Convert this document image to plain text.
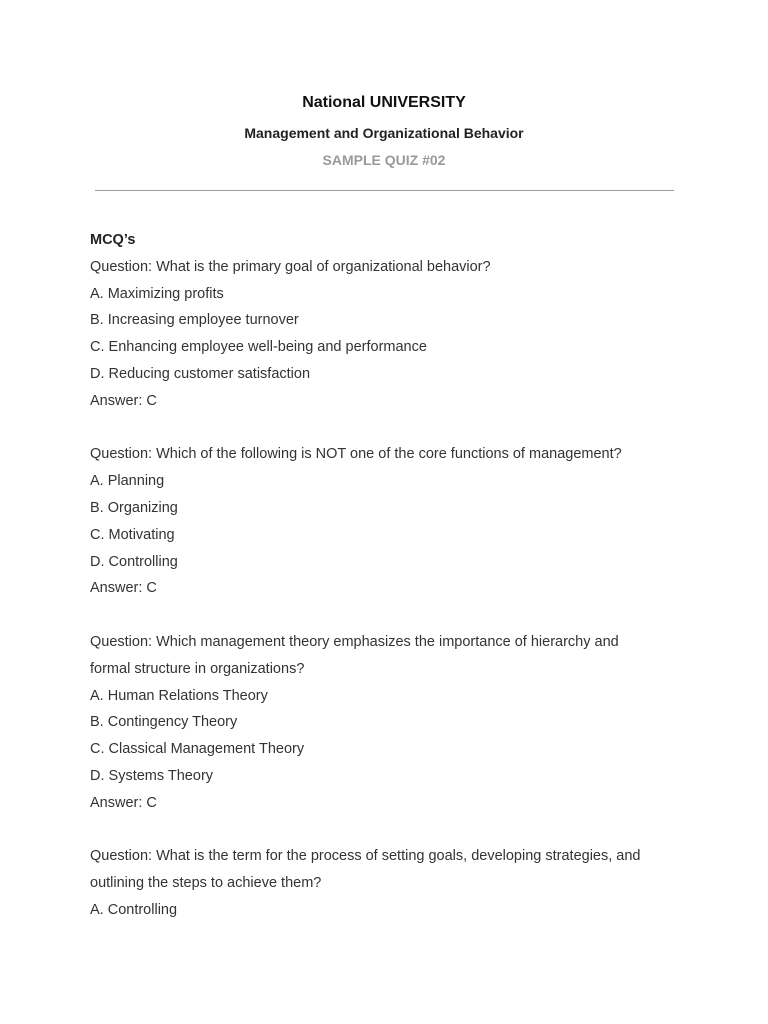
National UNIVERSITY
Management and Organizational Behavior
SAMPLE QUIZ #02
MCQ’s
Question: What is the primary goal of organizational behavior?
A. Maximizing profits
B. Increasing employee turnover
C. Enhancing employee well-being and performance
D. Reducing customer satisfaction
Answer: C
Question: Which of the following is NOT one of the core functions of management?
A. Planning
B. Organizing
C. Motivating
D. Controlling
Answer: C
Question: Which management theory emphasizes the importance of hierarchy and
formal structure in organizations?
A. Human Relations Theory
B. Contingency Theory
C. Classical Management Theory
D. Systems Theory
Answer: C
Question: What is the term for the process of setting goals, developing strategies, and
outlining the steps to achieve them?
A. Controlling
